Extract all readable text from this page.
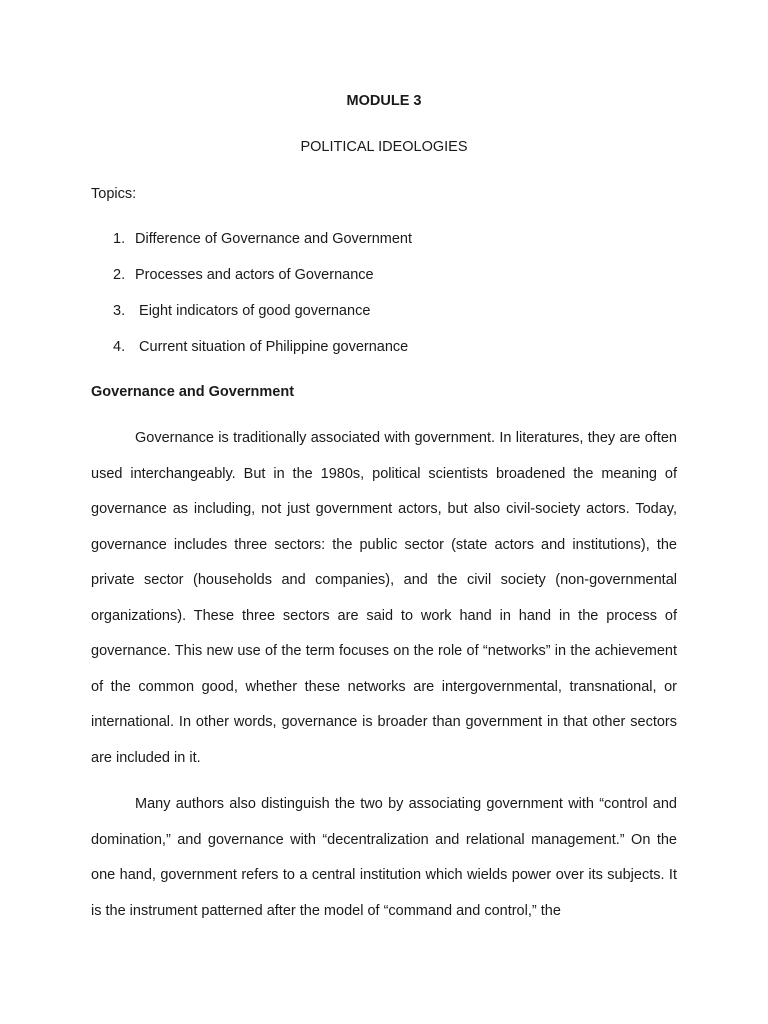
MODULE 3
POLITICAL IDEOLOGIES
Topics:
1. Difference of Governance and Government
2. Processes and actors of Governance
3. Eight indicators of good governance
4. Current situation of Philippine governance
Governance and Government
Governance is traditionally associated with government. In literatures, they are often used interchangeably. But in the 1980s, political scientists broadened the meaning of governance as including, not just government actors, but also civil-society actors. Today, governance includes three sectors: the public sector (state actors and institutions), the private sector (households and companies), and the civil society (non-governmental organizations). These three sectors are said to work hand in hand in the process of governance. This new use of the term focuses on the role of “networks” in the achievement of the common good, whether these networks are intergovernmental, transnational, or international. In other words, governance is broader than government in that other sectors are included in it.
Many authors also distinguish the two by associating government with “control and domination,” and governance with “decentralization and relational management.” On the one hand, government refers to a central institution which wields power over its subjects. It is the instrument patterned after the model of “command and control,” the
